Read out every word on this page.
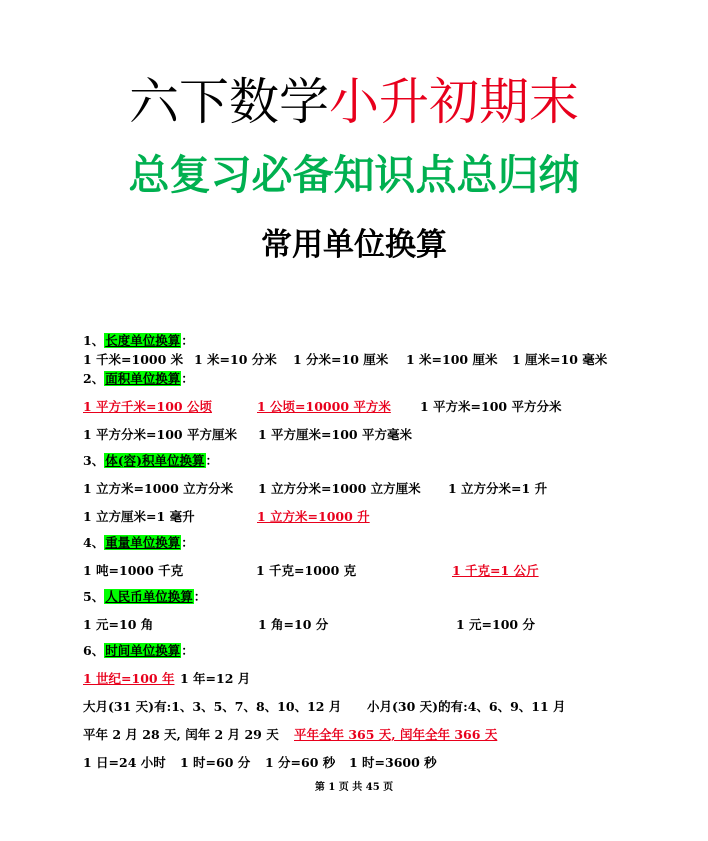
六下数学小升初期末
总复习必备知识点总归纳
常用单位换算
1、长度单位换算：
1 千米=1000 米 1 米=10 分米 1 分米=10 厘米 1 米=100 厘米 1 厘米=10 毫米
2、面积单位换算：
1 平方千米=100 公顷	1 公顷=10000 平方米 1 平方米=100 平方分米
1 平方分米=100 平方厘米 1 平方厘米=100 平方毫米
3、体(容)积单位换算：
1 立方米=1000 立方分米 1 立方分米=1000 立方厘米 1 立方分米=1 升
1 立方厘米=1 毫升	1 立方米=1000 升
4、重量单位换算：
1 吨=1000 千克	1 千克=1000 克	1 千克=1 公斤
5、人民币单位换算：
1 元=10 角	1 角=10 分	1 元=100 分
6、时间单位换算：
1 世纪=100 年 1 年=12 月
大月(31 天)有:1、3、5、7、8、10、12 月 小月(30 天)的有:4、6、9、11 月
平年 2 月 28 天, 闰年 2 月 29 天 平年全年 365 天, 闰年全年 366 天
1 日=24 小时 1 时=60 分 1 分=60 秒 1 时=3600 秒
第 1 页 共 45 页
